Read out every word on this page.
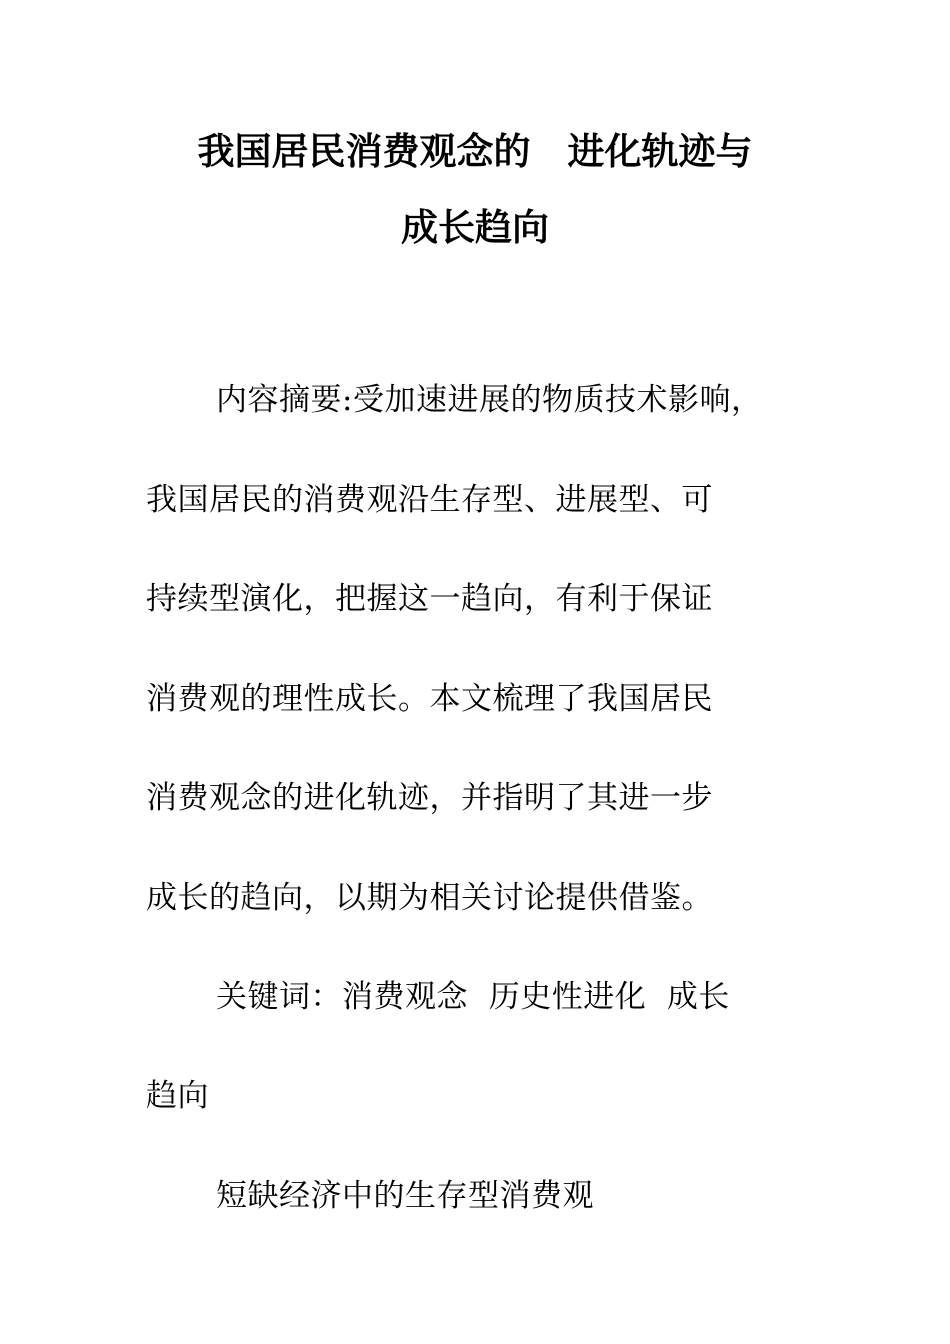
我国居民消费观念的　进化轨迹与
成长趋向
内容摘要:受加速进展的物质技术影响，
我国居民的消费观沿生存型、进展型、可
持续型演化，把握这一趋向，有利于保证
消费观的理性成长。本文梳理了我国居民
消费观念的进化轨迹，并指明了其进一步
成长的趋向，以期为相关讨论提供借鉴。
关键词：消费观念  历史性进化  成长
趋向
短缺经济中的生存型消费观
